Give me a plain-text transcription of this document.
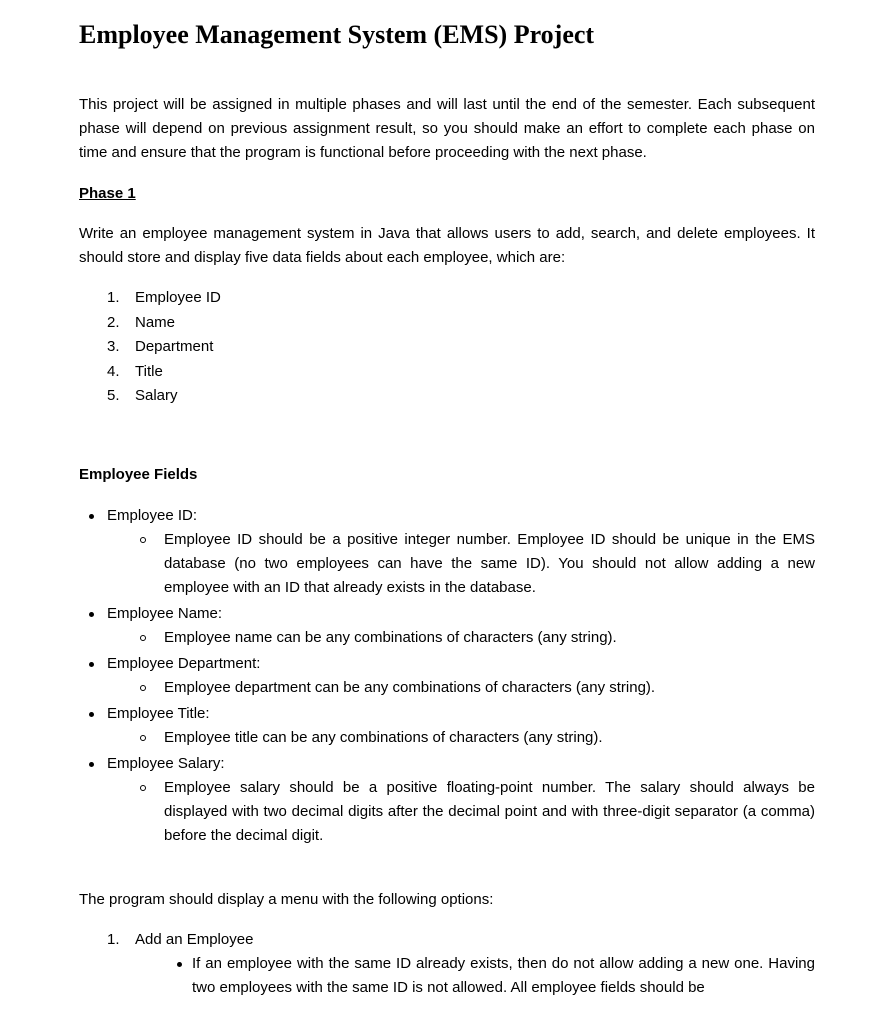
Employee Management System (EMS) Project

This project will be assigned in multiple phases and will last until the end of the semester. Each subsequent phase will depend on previous assignment result, so you should make an effort to complete each phase on time and ensure that the program is functional before proceeding with the next phase.

Phase 1

Write an employee management system in Java that allows users to add, search, and delete employees. It should store and display five data fields about each employee, which are:

1. Employee ID
2. Name
3. Department
4. Title
5. Salary

Employee Fields

Employee ID:
Employee ID should be a positive integer number. Employee ID should be unique in the EMS database (no two employees can have the same ID). You should not allow adding a new employee with an ID that already exists in the database.
Employee Name:
Employee name can be any combinations of characters (any string).
Employee Department:
Employee department can be any combinations of characters (any string).
Employee Title:
Employee title can be any combinations of characters (any string).
Employee Salary:
Employee salary should be a positive floating-point number. The salary should always be displayed with two decimal digits after the decimal point and with three-digit separator (a comma) before the decimal digit.

The program should display a menu with the following options:

1. Add an Employee
If an employee with the same ID already exists, then do not allow adding a new one. Having two employees with the same ID is not allowed. All employee fields should be
